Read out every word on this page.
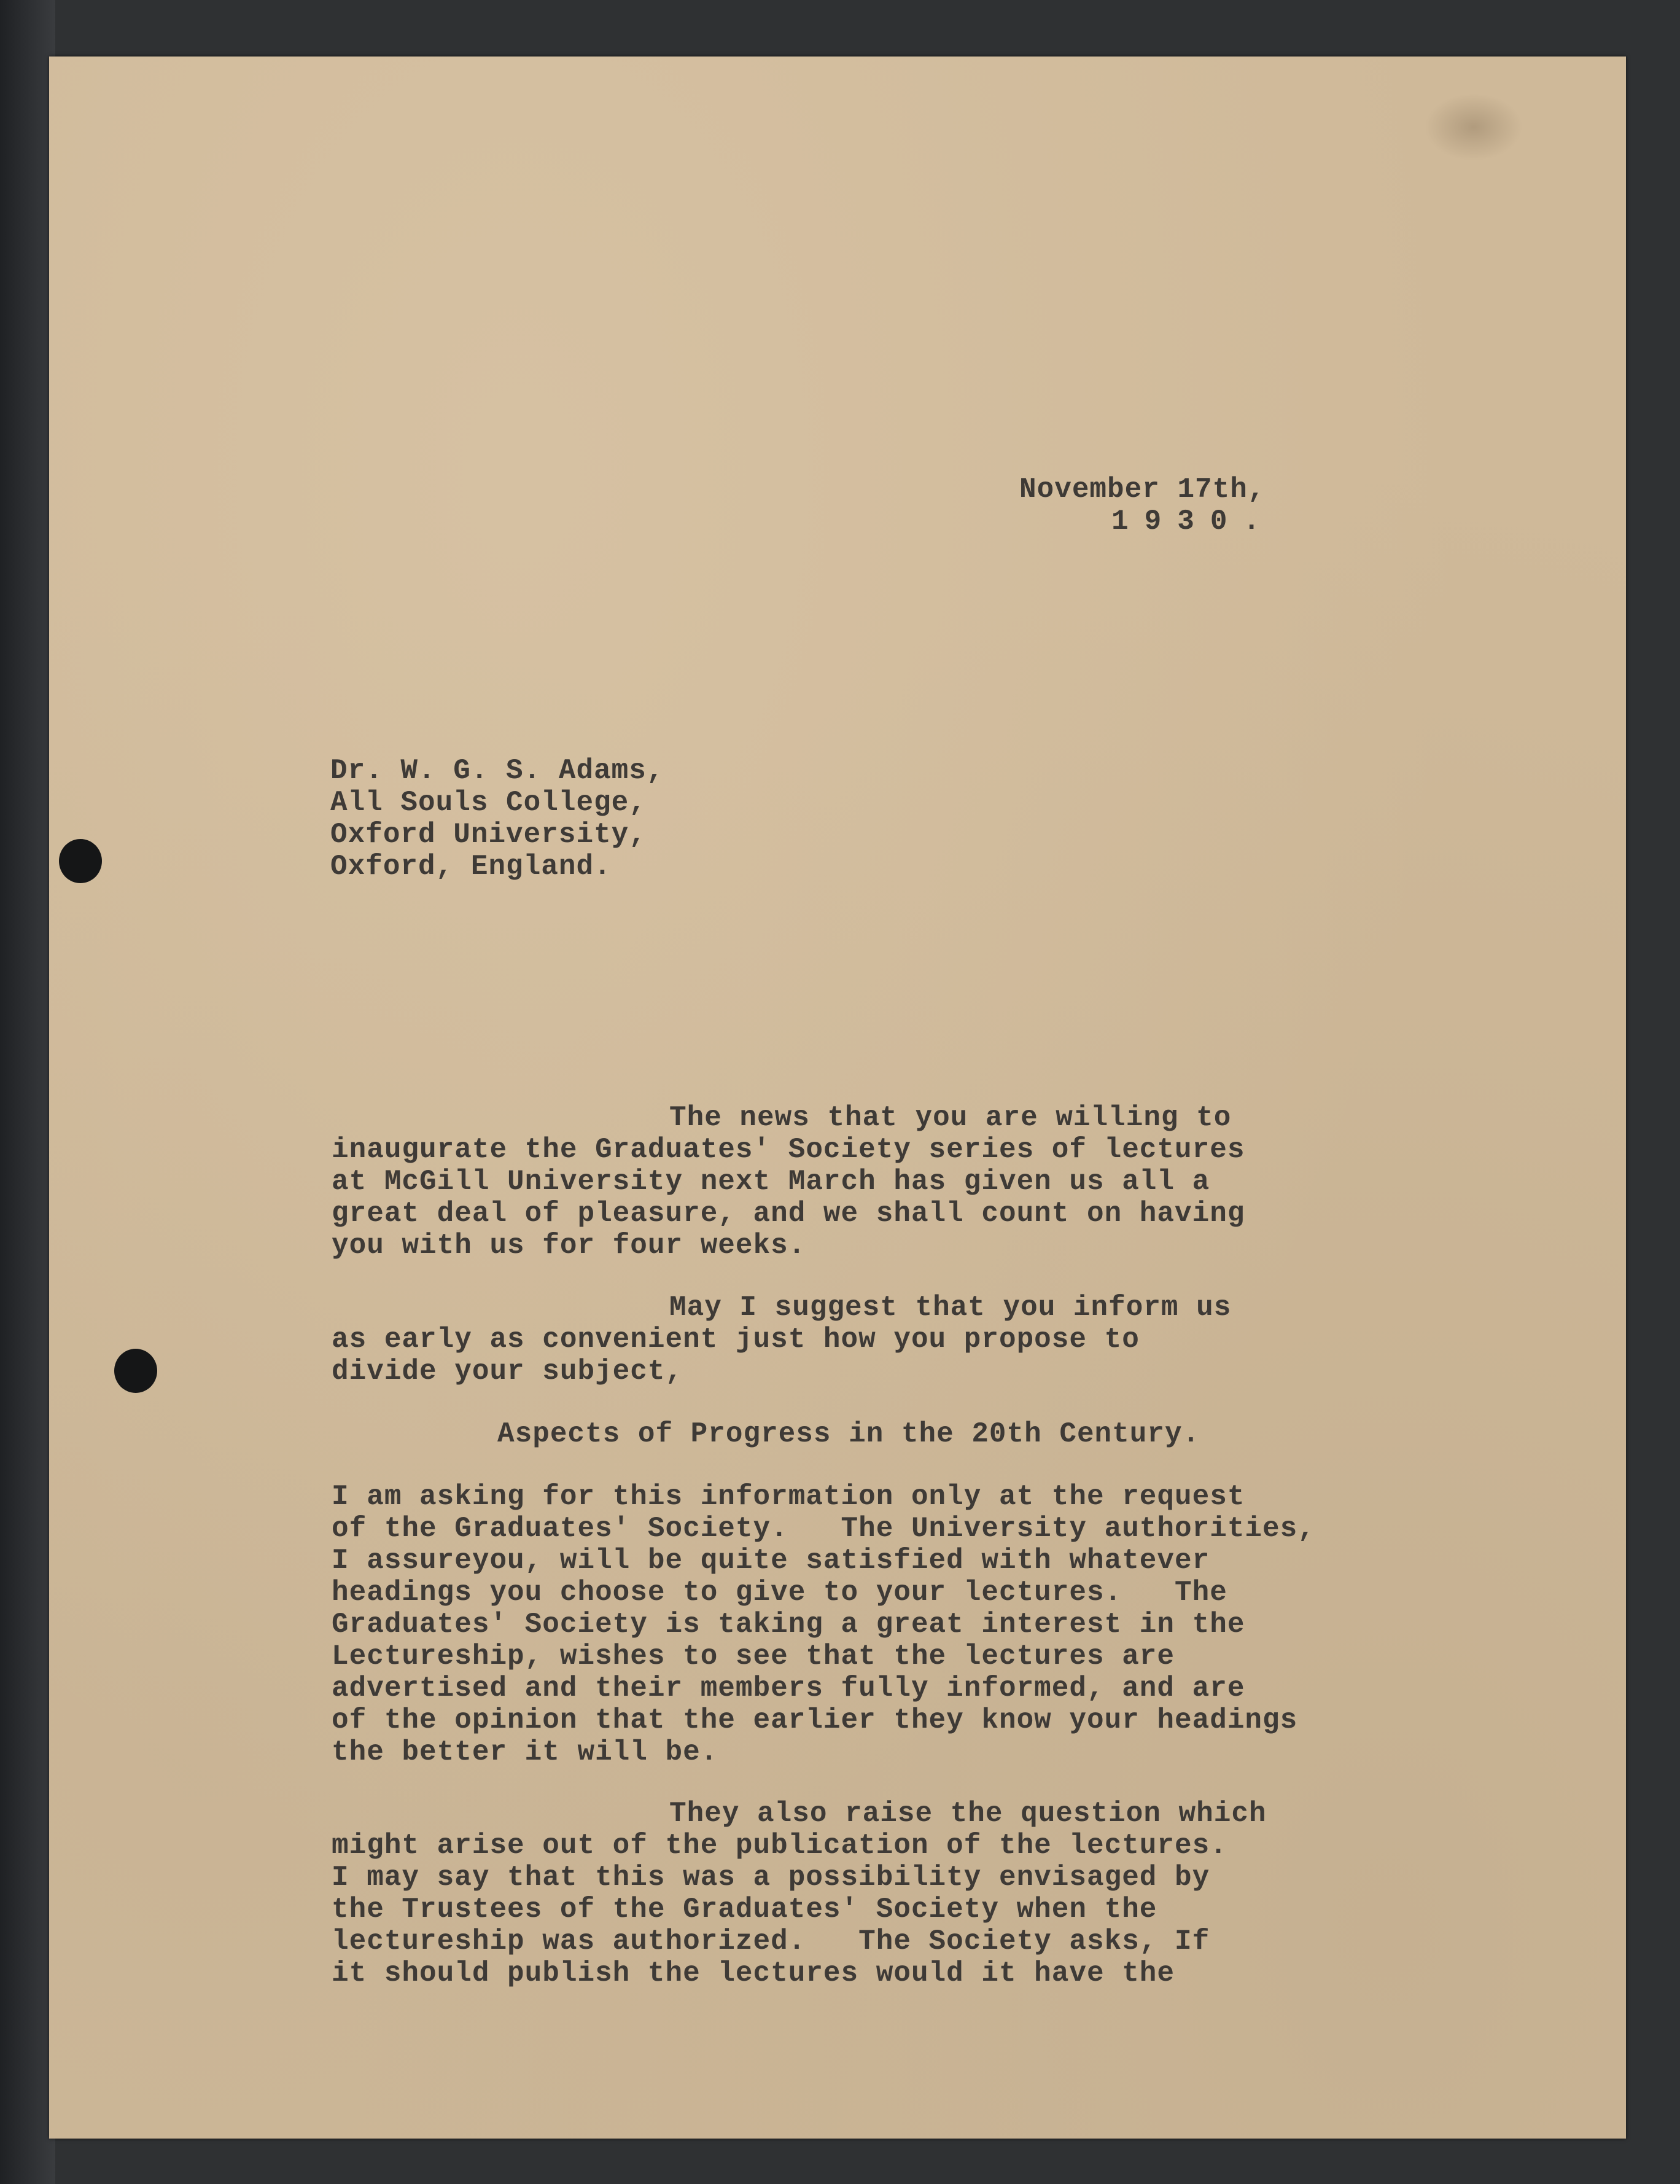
November 17th,
1930.
Dr. W. G. S. Adams,
All Souls College,
Oxford University,
Oxford, England.
The news that you are willing to
inaugurate the Graduates' Society series of lectures
at McGill University next March has given us all a
great deal of pleasure, and we shall count on having
you with us for four weeks.
May I suggest that you inform us
as early as convenient just how you propose to
divide your subject,
Aspects of Progress in the 20th Century.
I am asking for this information only at the request
of the Graduates' Society.   The University authorities,
I assureyou, will be quite satisfied with whatever
headings you choose to give to your lectures.   The
Graduates' Society is taking a great interest in the
Lectureship, wishes to see that the lectures are
advertised and their members fully informed, and are
of the opinion that the earlier they know your headings
the better it will be.
They also raise the question which
might arise out of the publication of the lectures.
I may say that this was a possibility envisaged by
the Trustees of the Graduates' Society when the
lectureship was authorized.   The Society asks, If
it should publish the lectures would it have the
